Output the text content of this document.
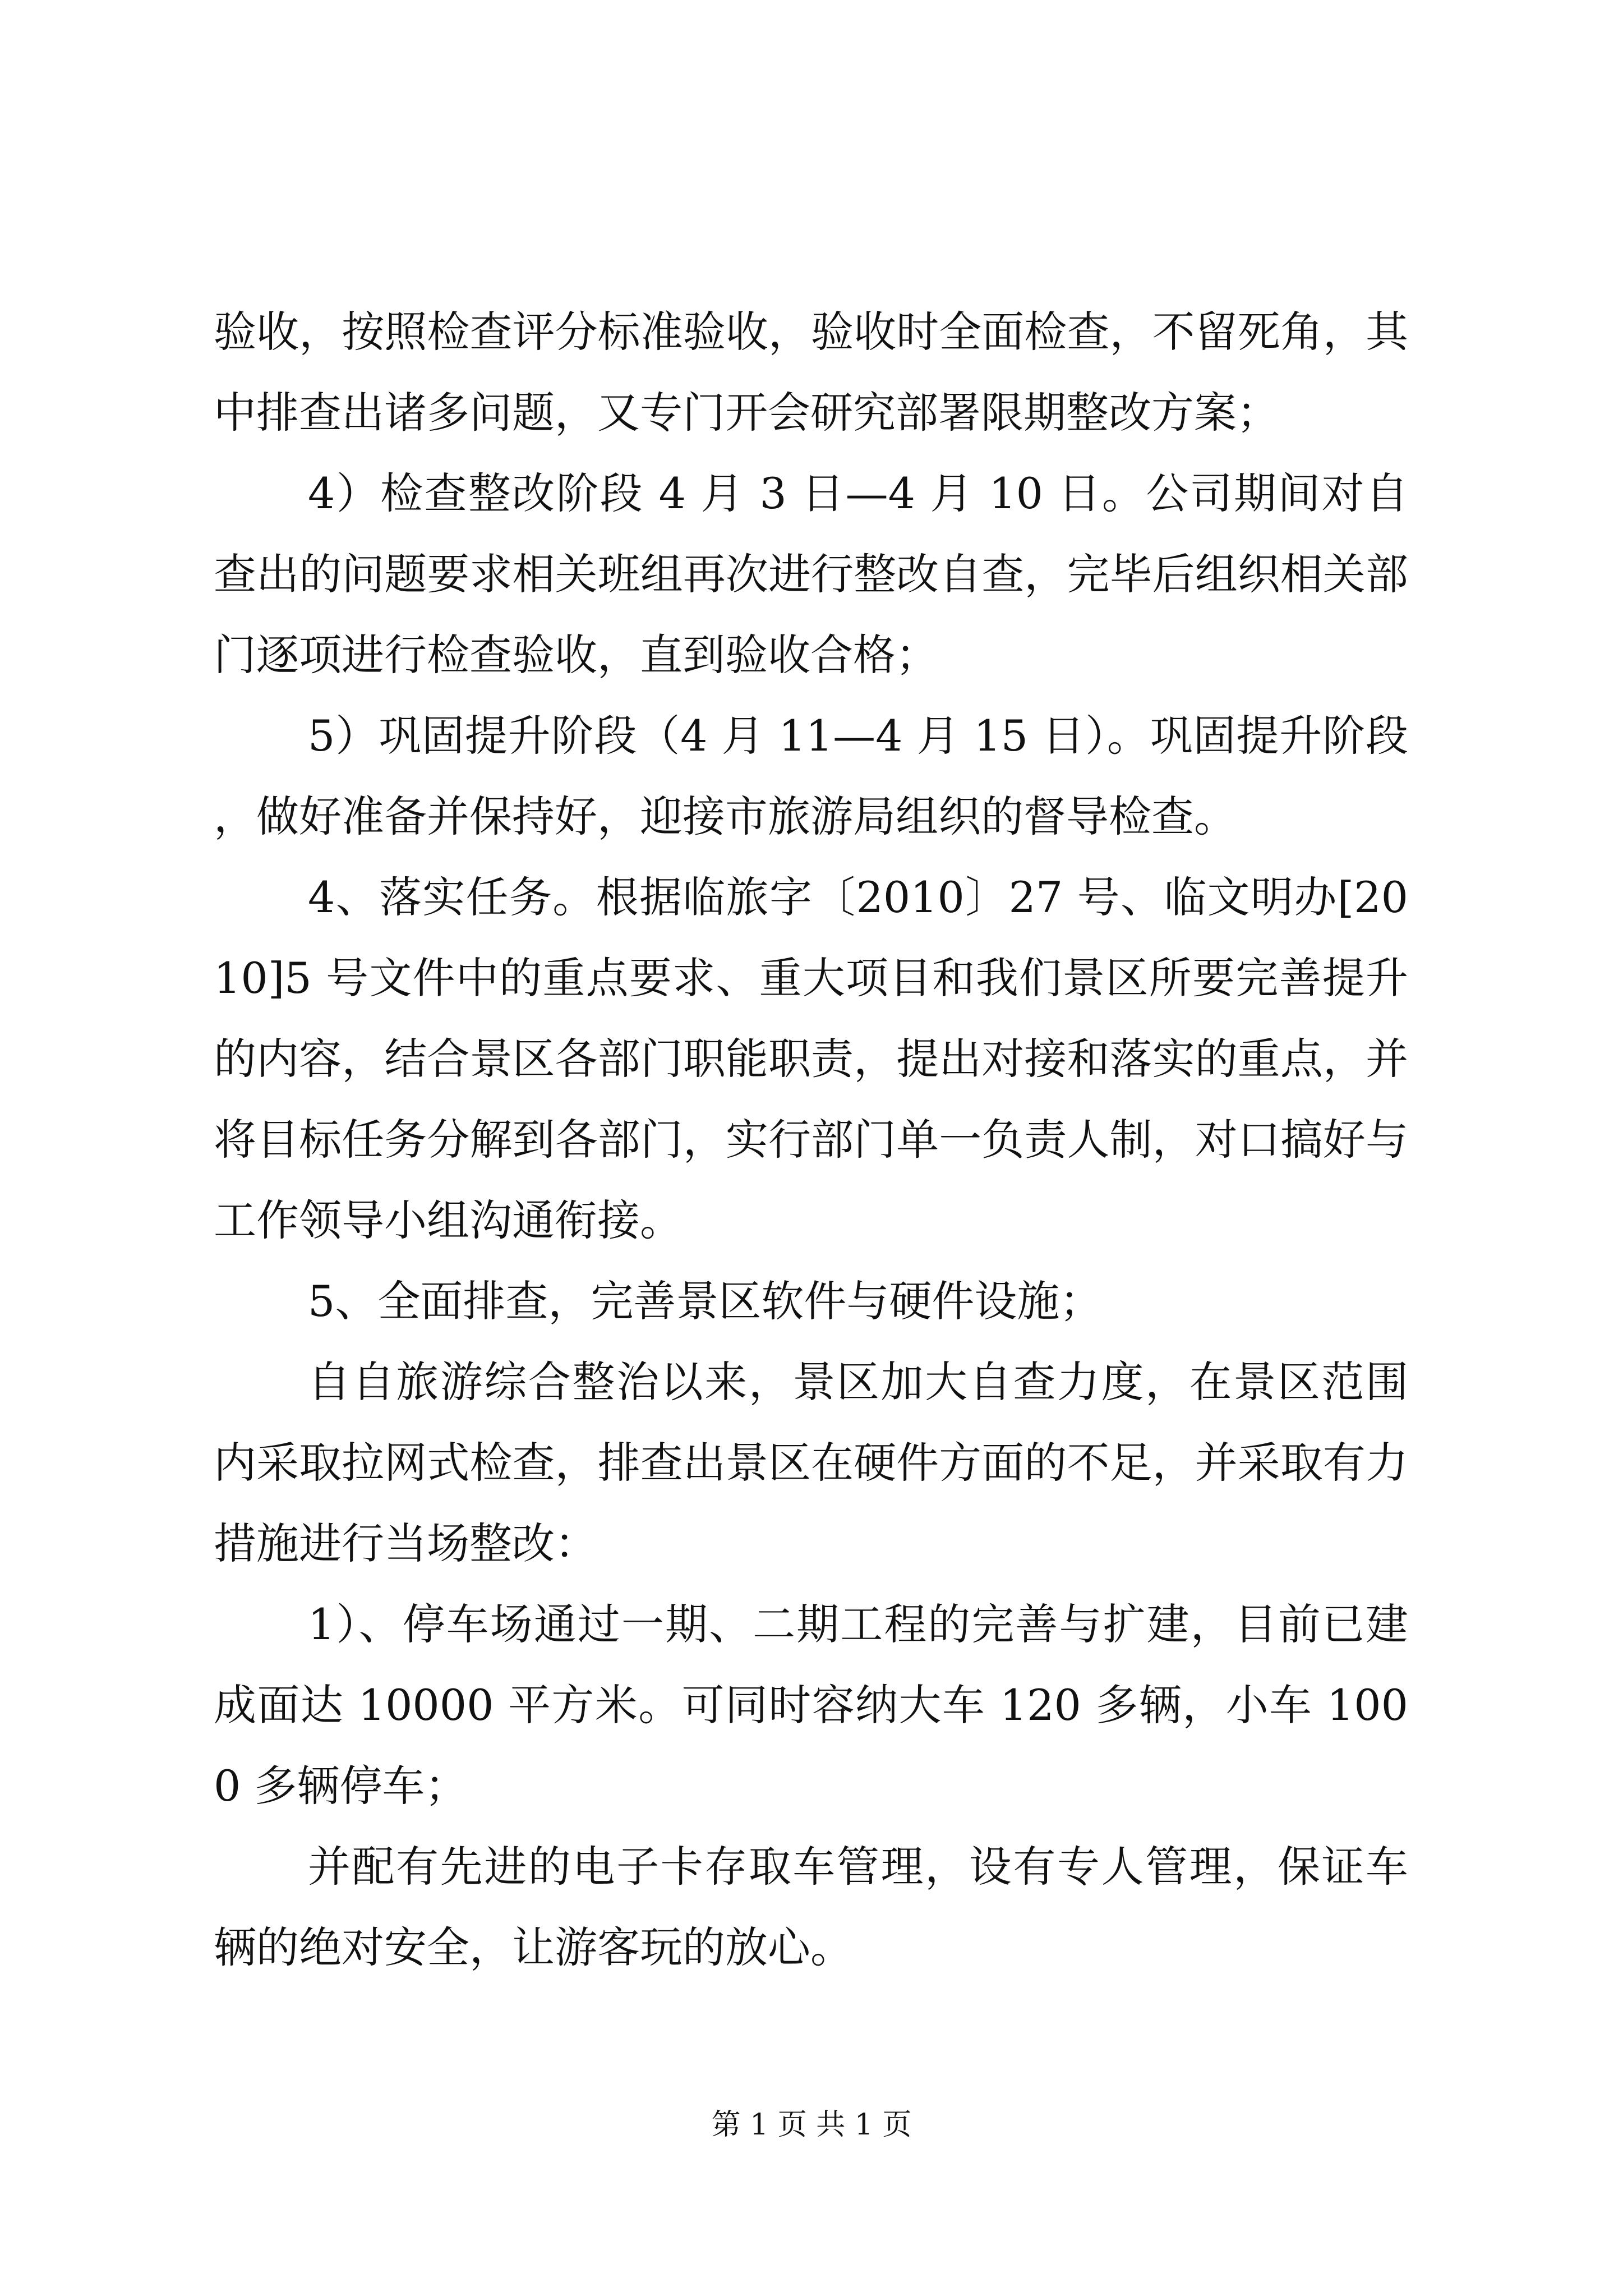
验收，按照检查评分标准验收，验收时全面检查，不留死角，其中排查出诸多问题，又专门开会研究部署限期整改方案；

4）检查整改阶段 4 月 3 日—4 月 10 日。公司期间对自查出的问题要求相关班组再次进行整改自查，完毕后组织相关部门逐项进行检查验收，直到验收合格；

5）巩固提升阶段（4 月 11—4 月 15 日）。巩固提升阶段，做好准备并保持好，迎接市旅游局组织的督导检查。

4、落实任务。根据临旅字〔2010〕27 号、临文明办[2010]5 号文件中的重点要求、重大项目和我们景区所要完善提升的内容，结合景区各部门职能职责，提出对接和落实的重点，并将目标任务分解到各部门，实行部门单一负责人制，对口搞好与工作领导小组沟通衔接。

5、全面排查，完善景区软件与硬件设施；

自自旅游综合整治以来，景区加大自查力度，在景区范围内采取拉网式检查，排查出景区在硬件方面的不足，并采取有力措施进行当场整改：

1）、停车场通过一期、二期工程的完善与扩建，目前已建成面达 10000 平方米。可同时容纳大车 120 多辆，小车 1000 多辆停车；

并配有先进的电子卡存取车管理，设有专人管理，保证车辆的绝对安全，让游客玩的放心。

第 1 页 共 1 页
